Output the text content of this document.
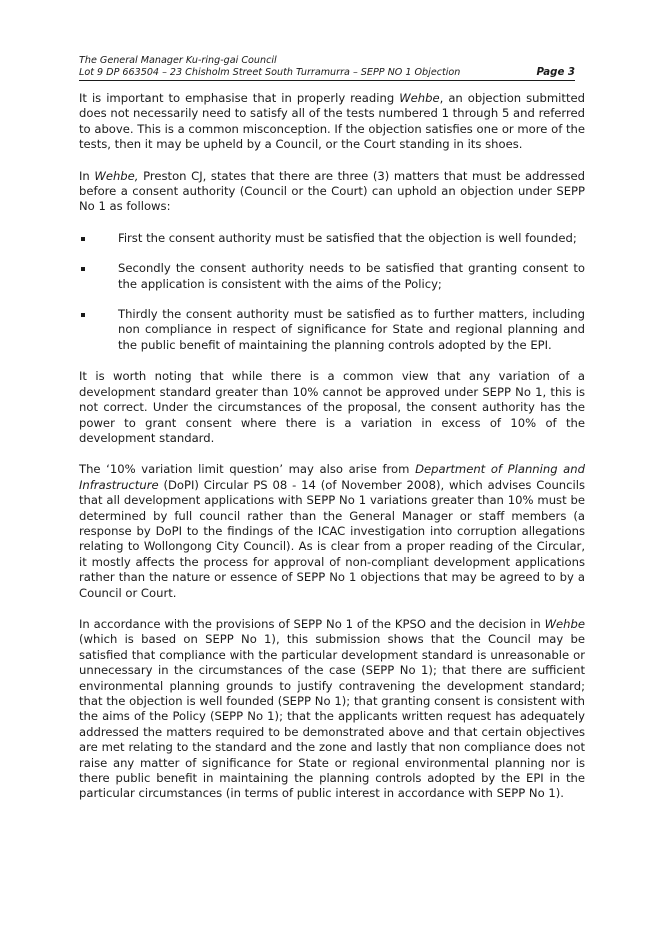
The General Manager Ku-ring-gai Council
Lot 9 DP 663504 – 23 Chisholm Street South Turramurra – SEPP NO 1 Objection	Page 3

It is important to emphasise that in properly reading Wehbe, an objection submitted does not necessarily need to satisfy all of the tests numbered 1 through 5 and referred to above. This is a common misconception. If the objection satisfies one or more of the tests, then it may be upheld by a Council, or the Court standing in its shoes.

In Wehbe, Preston CJ, states that there are three (3) matters that must be addressed before a consent authority (Council or the Court) can uphold an objection under SEPP No 1 as follows:

First the consent authority must be satisfied that the objection is well founded;
Secondly the consent authority needs to be satisfied that granting consent to the application is consistent with the aims of the Policy;
Thirdly the consent authority must be satisfied as to further matters, including non compliance in respect of significance for State and regional planning and the public benefit of maintaining the planning controls adopted by the EPI.

It is worth noting that while there is a common view that any variation of a development standard greater than 10% cannot be approved under SEPP No 1, this is not correct. Under the circumstances of the proposal, the consent authority has the power to grant consent where there is a variation in excess of 10% of the development standard.

The ‘10% variation limit question’ may also arise from Department of Planning and Infrastructure (DoPI) Circular PS 08 - 14 (of November 2008), which advises Councils that all development applications with SEPP No 1 variations greater than 10% must be determined by full council rather than the General Manager or staff members (a response by DoPI to the findings of the ICAC investigation into corruption allegations relating to Wollongong City Council). As is clear from a proper reading of the Circular, it mostly affects the process for approval of non-compliant development applications rather than the nature or essence of SEPP No 1 objections that may be agreed to by a Council or Court.

In accordance with the provisions of SEPP No 1 of the KPSO and the decision in Wehbe (which is based on SEPP No 1), this submission shows that the Council may be satisfied that compliance with the particular development standard is unreasonable or unnecessary in the circumstances of the case (SEPP No 1); that there are sufficient environmental planning grounds to justify contravening the development standard; that the objection is well founded (SEPP No 1); that granting consent is consistent with the aims of the Policy (SEPP No 1); that the applicants written request has adequately addressed the matters required to be demonstrated above and that certain objectives are met relating to the standard and the zone and lastly that non compliance does not raise any matter of significance for State or regional environmental planning nor is there public benefit in maintaining the planning controls adopted by the EPI in the particular circumstances (in terms of public interest in accordance with SEPP No 1).
